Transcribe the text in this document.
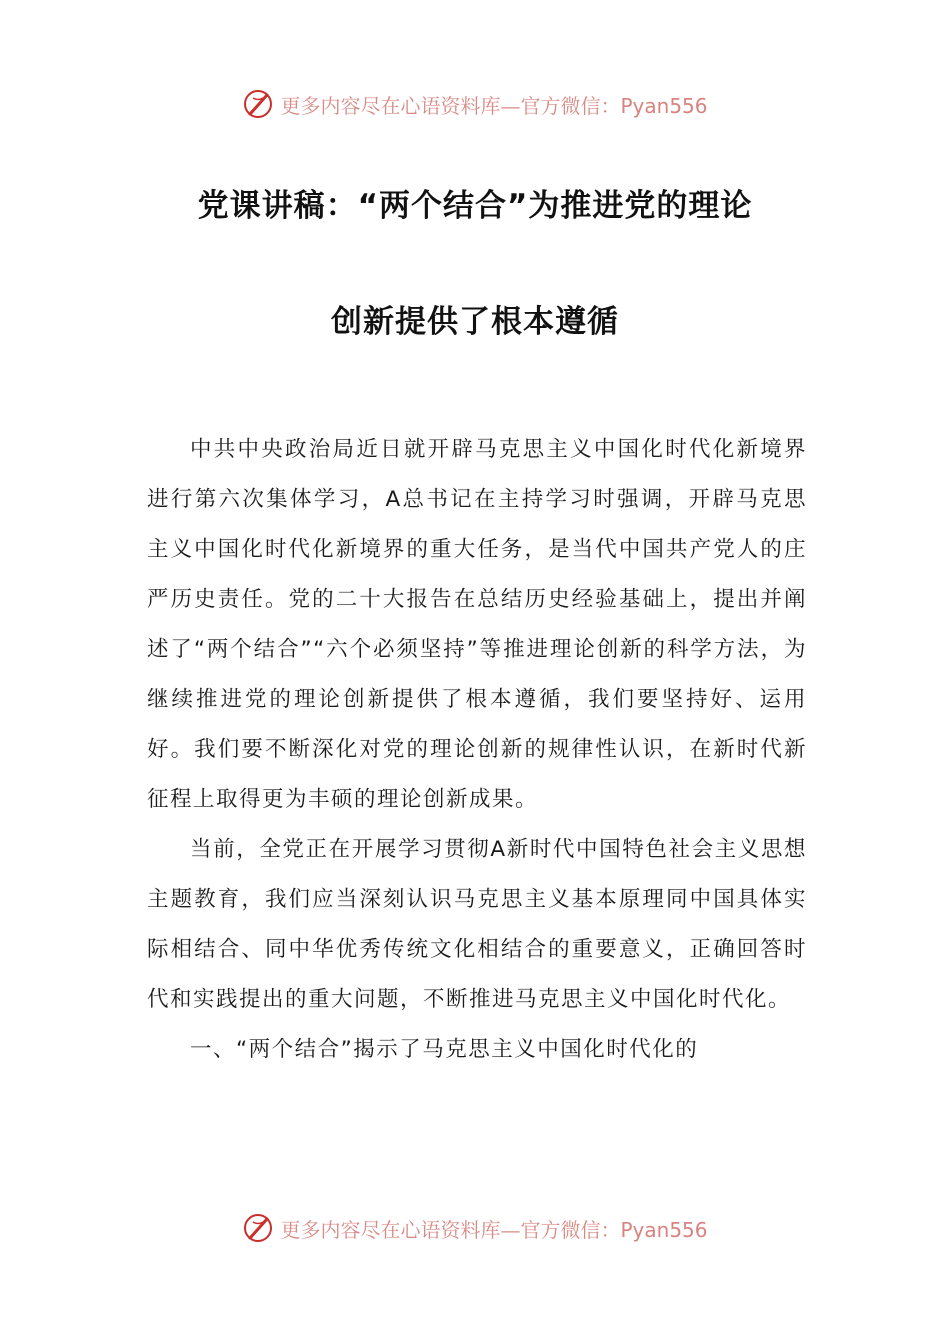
更多内容尽在心语资料库—官方微信：Pyan556
党课讲稿：“两个结合”为推进党的理论
创新提供了根本遵循

中共中央政治局近日就开辟马克思主义中国化时代化新境界进行第六次集体学习，A总书记在主持学习时强调，开辟马克思主义中国化时代化新境界的重大任务，是当代中国共产党人的庄严历史责任。党的二十大报告在总结历史经验基础上，提出并阐述了“两个结合”“六个必须坚持”等推进理论创新的科学方法，为继续推进党的理论创新提供了根本遵循，我们要坚持好、运用好。我们要不断深化对党的理论创新的规律性认识，在新时代新征程上取得更为丰硕的理论创新成果。

当前，全党正在开展学习贯彻A新时代中国特色社会主义思想主题教育，我们应当深刻认识马克思主义基本原理同中国具体实际相结合、同中华优秀传统文化相结合的重要意义，正确回答时代和实践提出的重大问题，不断推进马克思主义中国化时代化。

一、“两个结合”揭示了马克思主义中国化时代化的

更多内容尽在心语资料库—官方微信：Pyan556
